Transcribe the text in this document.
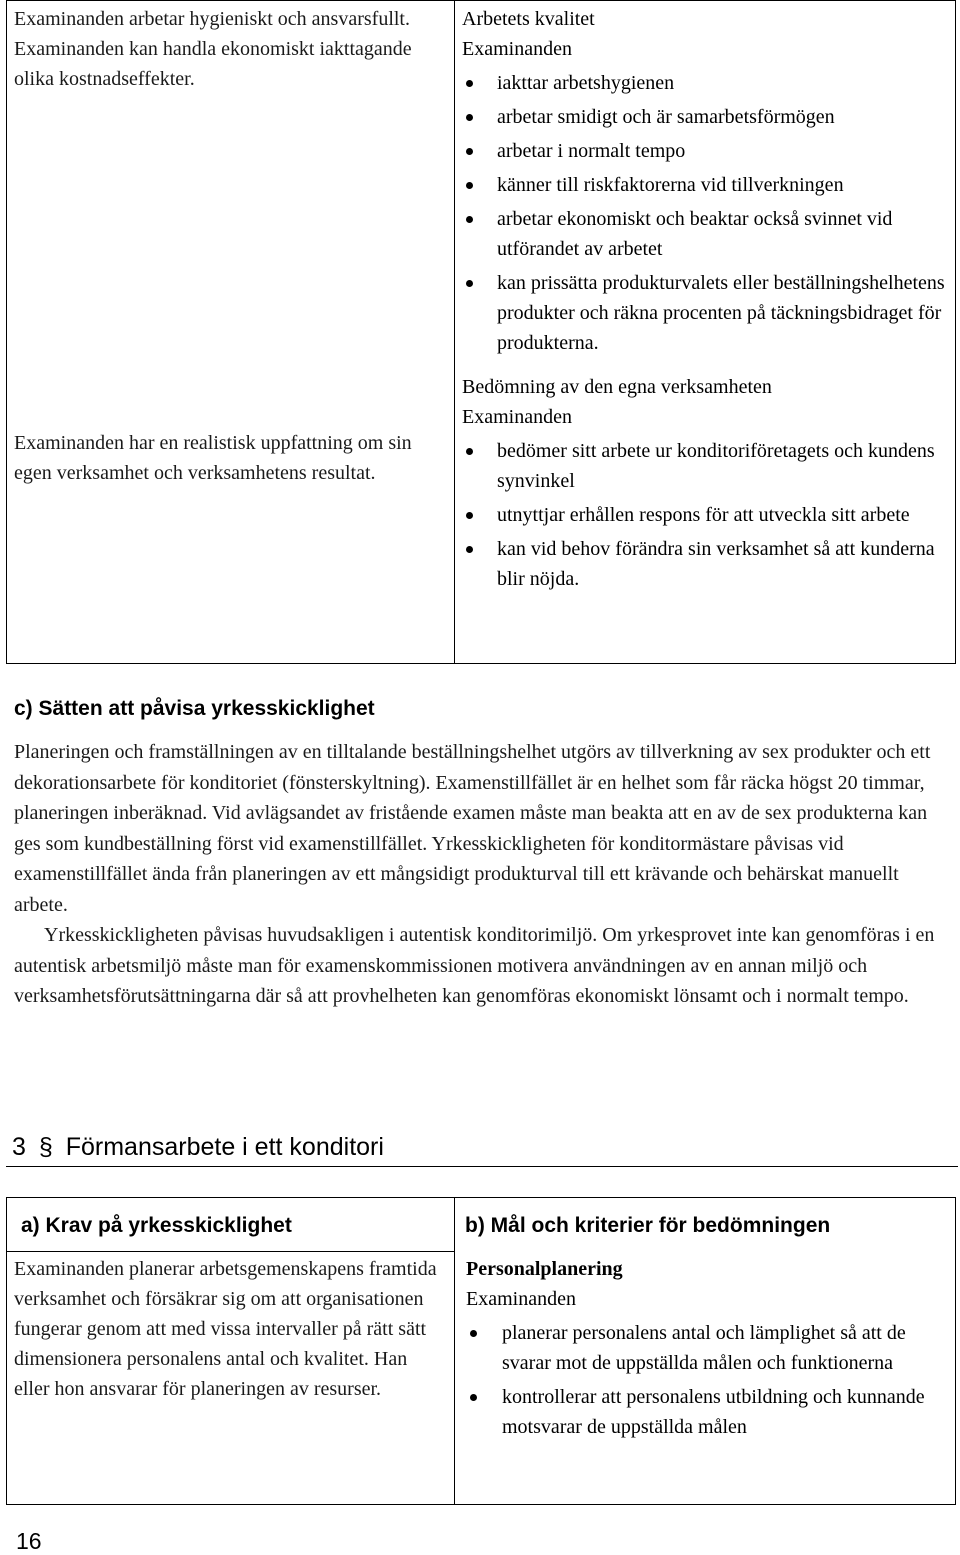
Examinanden arbetar hygieniskt och ansvarsfullt. Examinanden kan handla ekonomiskt iakttagande olika kostnadseffekter.
Examinanden har en realistisk uppfattning om sin egen verksamhet och verksamhetens resultat.
Arbetets kvalitet
Examinanden
iakttar arbetshygienen
arbetar smidigt och är samarbetsförmögen
arbetar i normalt tempo
känner till riskfaktorerna vid tillverkningen
arbetar ekonomiskt och beaktar också svinnet vid utförandet av arbetet
kan prissätta produkturvalets eller beställningshelhetens produkter och räkna procenten på täckningsbidraget för produkterna.
Bedömning av den egna verksamheten
Examinanden
bedömer sitt arbete ur konditoriföretagets och kundens synvinkel
utnyttjar erhållen respons för att utveckla sitt arbete
kan vid behov förändra sin verksamhet så att kunderna blir nöjda.
c) Sätten att påvisa yrkesskicklighet

Planeringen och framställningen av en tilltalande beställningshelhet utgörs av tillverkning av sex produkter och ett dekorationsarbete för konditoriet (fönsterskyltning). Examenstillfället är en helhet som får räcka högst 20 timmar, planeringen inberäknad. Vid avlägsandet av fristående examen måste man beakta att en av de sex produkterna kan ges som kundbeställning först vid examenstillfället. Yrkesskickligheten för konditormästare påvisas vid examenstillfället ända från planeringen av ett mångsidigt produkturval till ett krävande och behärskat manuellt arbete.

Yrkesskickligheten påvisas huvudsakligen i autentisk konditorimiljö. Om yrkesprovet inte kan genomföras i en autentisk arbetsmiljö måste man för examenskommissionen motivera användningen av en annan miljö och verksamhetsförutsättningarna där så att provhelheten kan genomföras ekonomiskt lönsamt och i normalt tempo.

3 § Förmansarbete i ett konditori
a) Krav på yrkesskicklighet	b) Mål och kriterier för bedömningen
Examinanden planerar arbetsgemenskapens framtida verksamhet och försäkrar sig om att organisationen fungerar genom att med vissa intervaller på rätt sätt dimensionera personalens antal och kvalitet. Han eller hon ansvarar för planeringen av resurser.
Personalplanering
Examinanden
planerar personalens antal och lämplighet så att de svarar mot de uppställda målen och funktionerna
kontrollerar att personalens utbildning och kunnande motsvarar de uppställda målen
16
